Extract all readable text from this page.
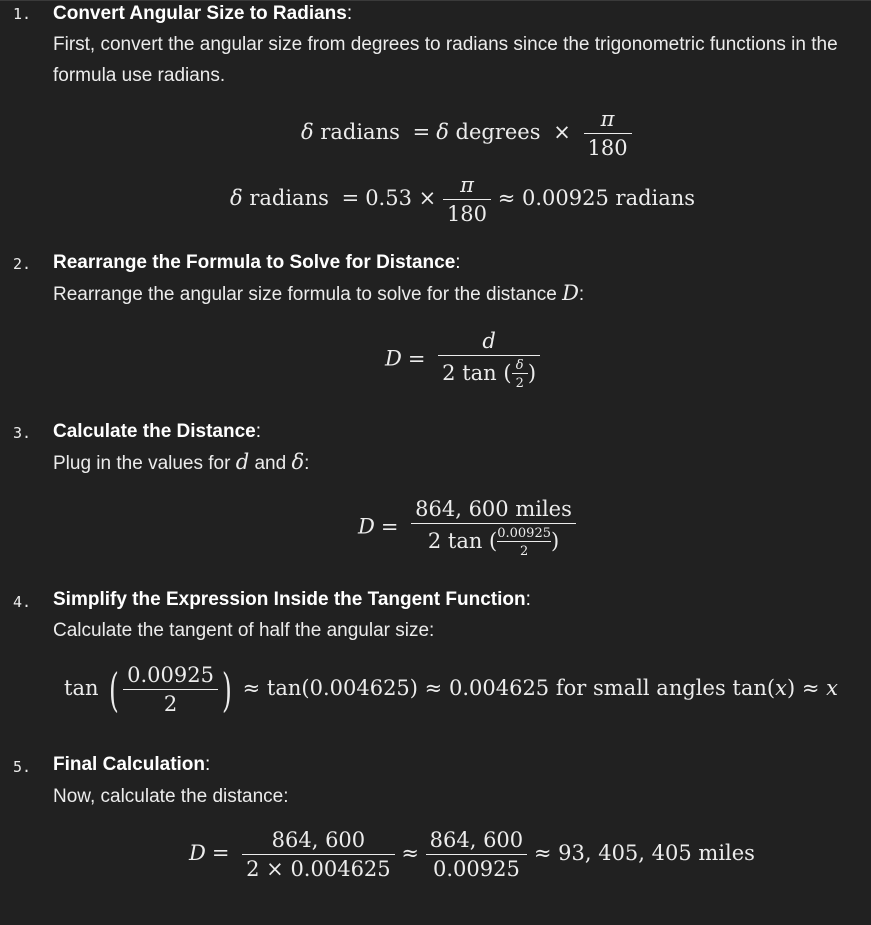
1. Convert Angular Size to Radians:
First, convert the angular size from degrees to radians since the trigonometric functions in the formula use radians.
δ radians = δ degrees × $\frac{\pi}{180}$
δ radians = $0.53 \times \frac{\pi}{180} \approx 0.00925$ radians
2. Rearrange the Formula to Solve for Distance:
Rearrange the angular size formula to solve for the distance D:
$D = \frac{d}{2 \tan ( \frac{\delta}{2} )}$
3. Calculate the Distance:
Plug in the values for d and δ:
$D = \frac{\text{864, 600 miles}}{2 \tan ( \frac{0.00925}{2} )}$
4. Simplify the Expression Inside the Tangent Function:
Calculate the tangent of half the angular size:
tan ( $\frac{0.00925}{2}$ ) ≈ tan(0.004625) ≈ 0.004625 for small angles tan(x) ≈ x
5. Final Calculation:
Now, calculate the distance:
$D = \frac{864, 600}{2 \times 0.004625} \approx \frac{864, 600}{0.00925} \approx 93$, 405, 405 miles
